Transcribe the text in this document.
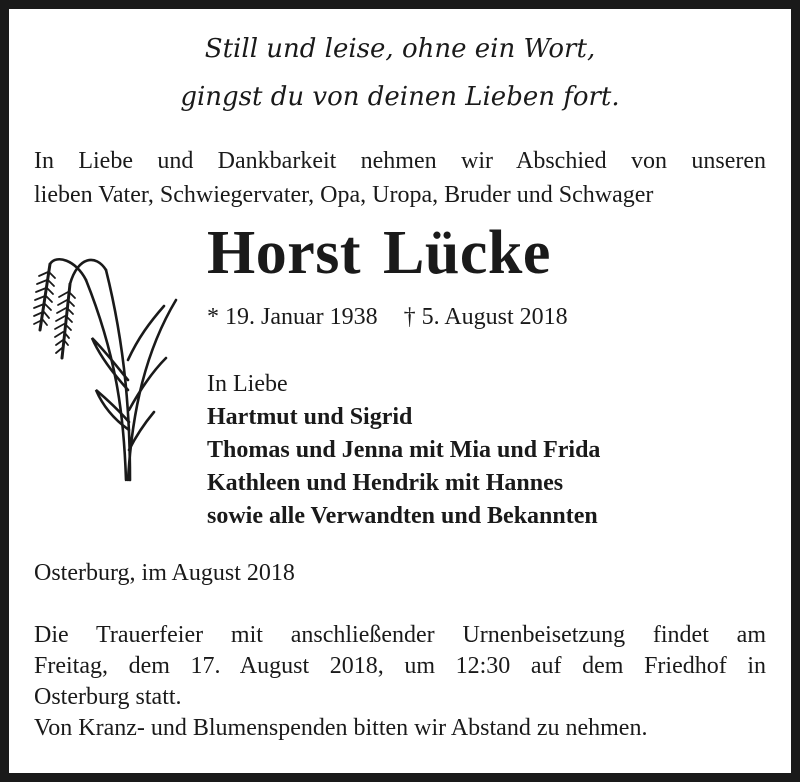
Still und leise, ohne ein Wort,
gingst du von deinen Lieben fort.
In Liebe und Dankbarkeit nehmen wir Abschied von unseren
lieben Vater, Schwiegervater, Opa, Uropa, Bruder und Schwager
Horst Lücke
* 19. Januar 1938 † 5. August 2018
In Liebe
Hartmut und Sigrid
Thomas und Jenna mit Mia und Frida
Kathleen und Hendrik mit Hannes
sowie alle Verwandten und Bekannten
Osterburg, im August 2018
Die Trauerfeier mit anschließender Urnenbeisetzung findet am
Freitag, dem 17. August 2018, um 12:30 auf dem Friedhof in
Osterburg statt.
Von Kranz- und Blumenspenden bitten wir Abstand zu nehmen.
